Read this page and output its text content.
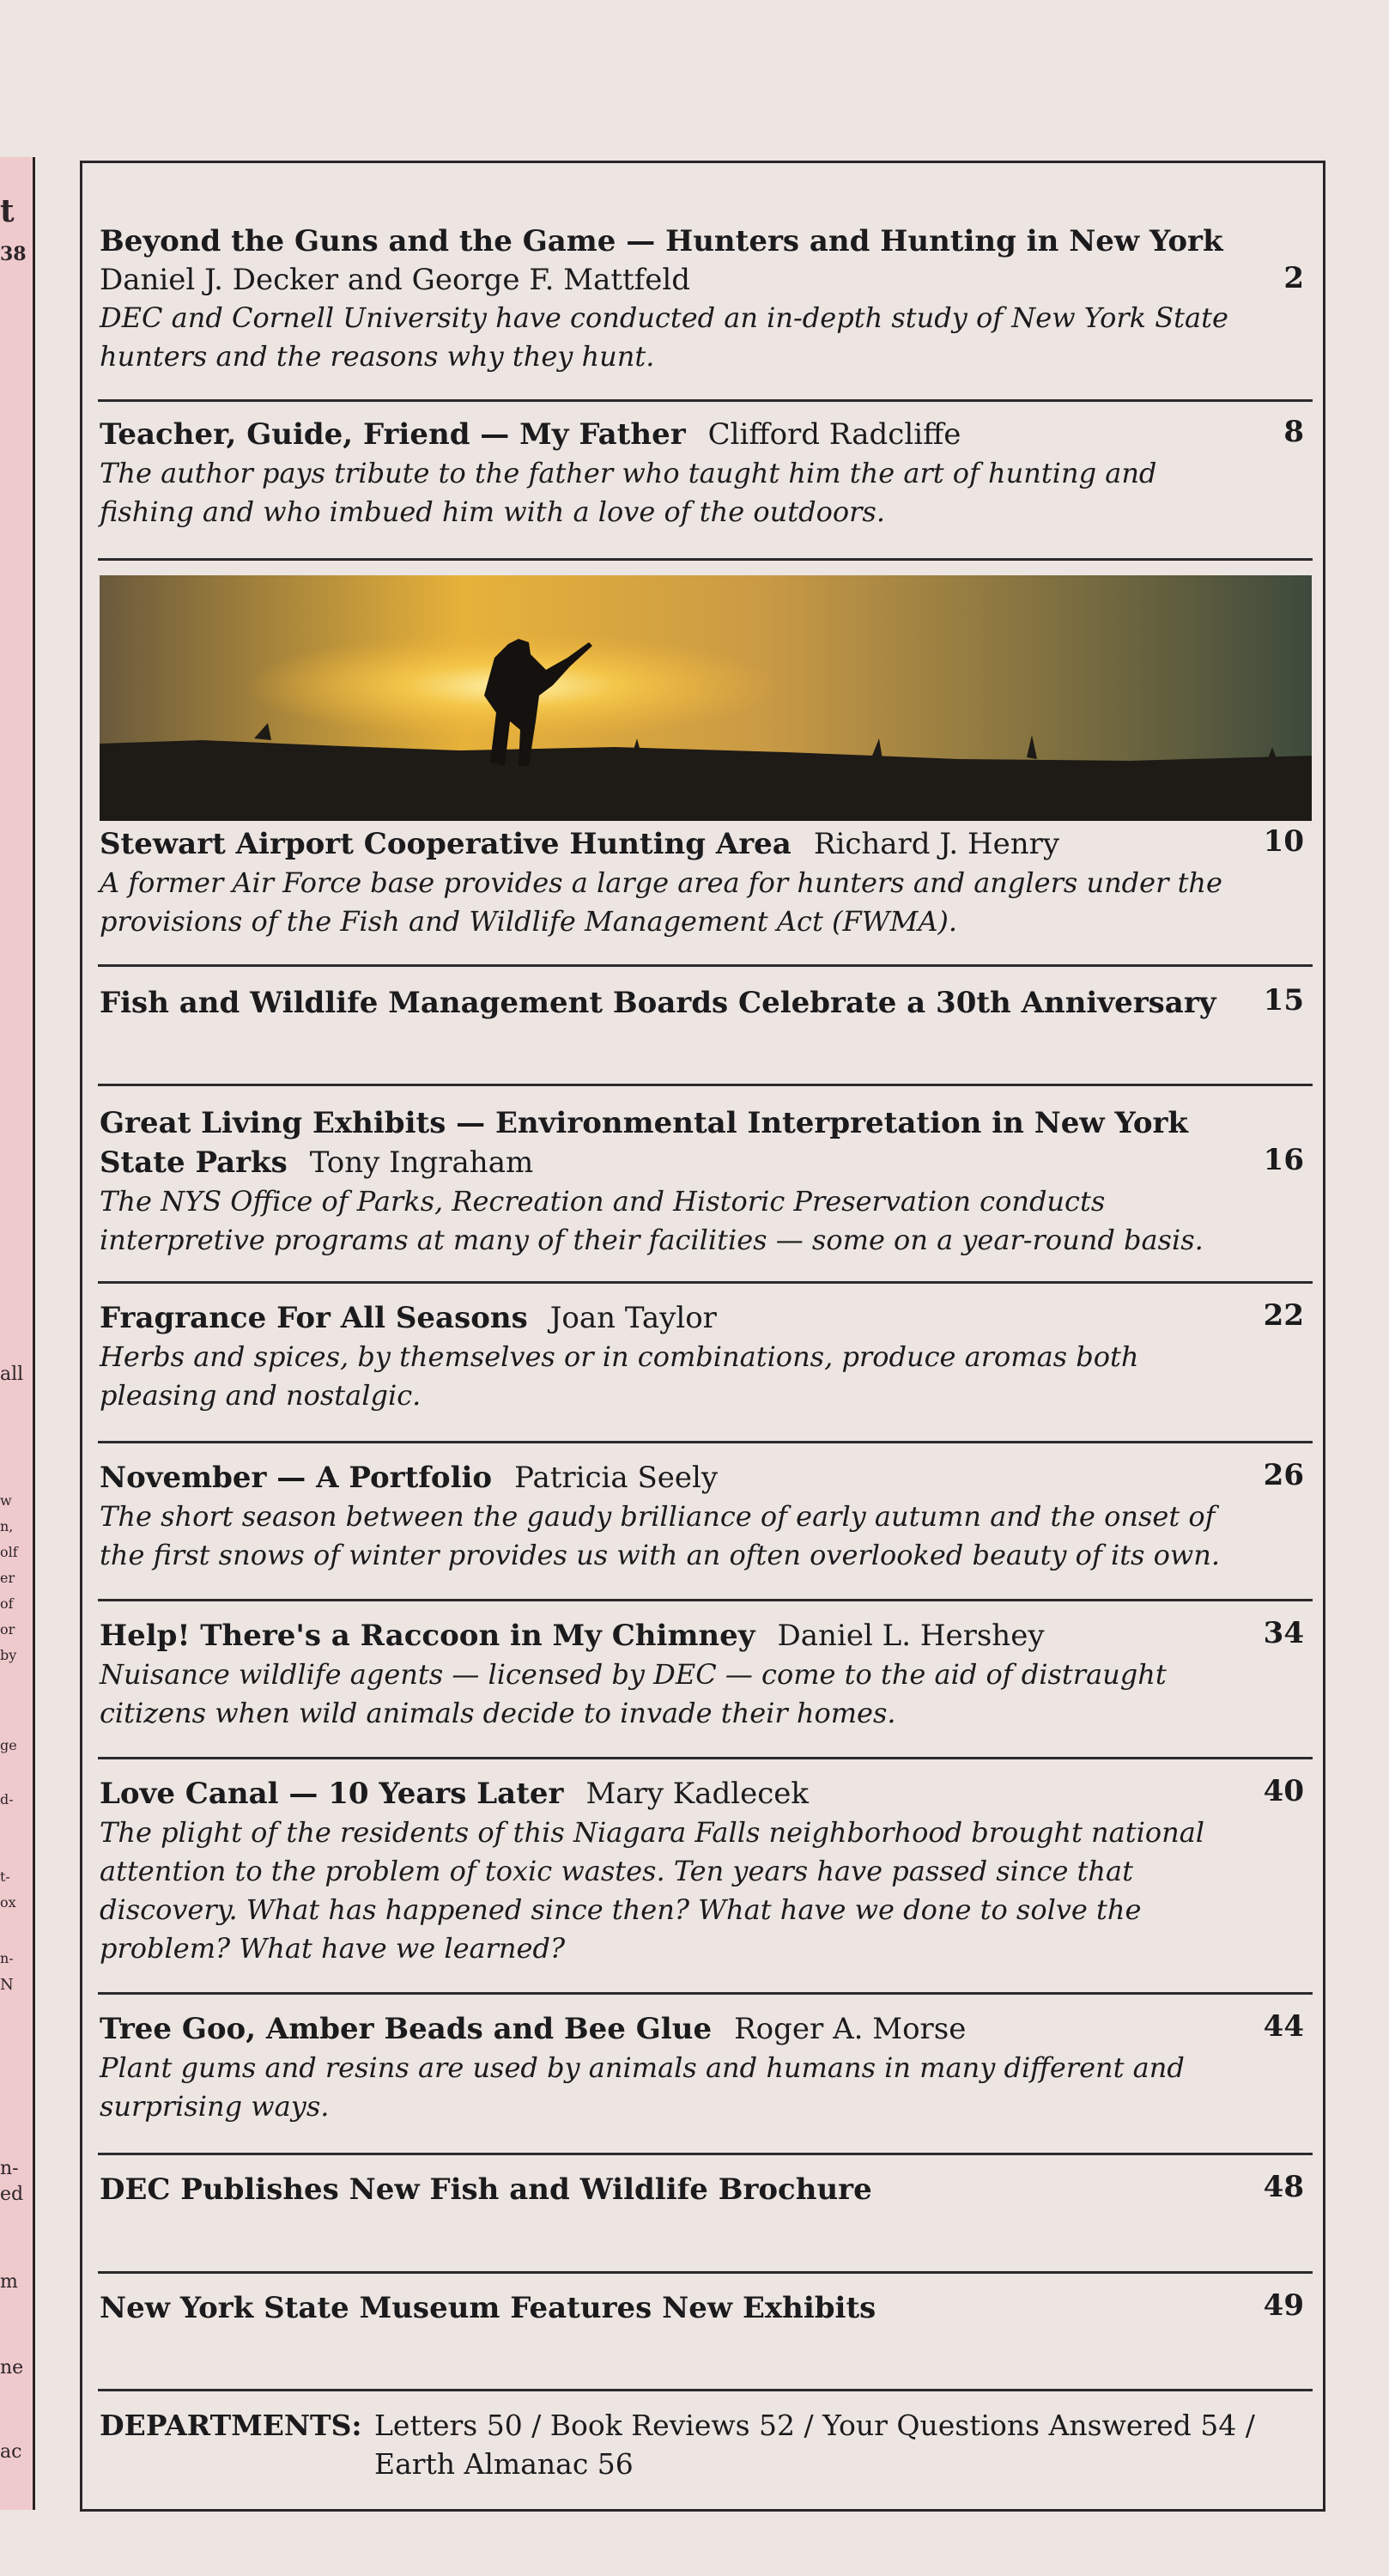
t
38
all
w
n,
olf
er
of
or
by
ge
d-
t-
ox
n-
N
n-
ed
m
ne
ac
Beyond the Guns and the Game — Hunters and Hunting in New York
Daniel J. Decker and George F. Mattfeld
DEC and Cornell University have conducted an in-depth study of New York State hunters and the reasons why they hunt.
2
Teacher, Guide, Friend — My Father Clifford Radcliffe
The author pays tribute to the father who taught him the art of hunting and fishing and who imbued him with a love of the outdoors.
8
Stewart Airport Cooperative Hunting Area Richard J. Henry
A former Air Force base provides a large area for hunters and anglers under the provisions of the Fish and Wildlife Management Act (FWMA).
10
Fish and Wildlife Management Boards Celebrate a 30th Anniversary	15
Great Living Exhibits — Environmental Interpretation in New York State Parks Tony Ingraham
The NYS Office of Parks, Recreation and Historic Preservation conducts interpretive programs at many of their facilities — some on a year-round basis.
16
Fragrance For All Seasons Joan Taylor
Herbs and spices, by themselves or in combinations, produce aromas both pleasing and nostalgic.
22
November — A Portfolio Patricia Seely
The short season between the gaudy brilliance of early autumn and the onset of the first snows of winter provides us with an often overlooked beauty of its own.
26
Help! There's a Raccoon in My Chimney Daniel L. Hershey
Nuisance wildlife agents — licensed by DEC — come to the aid of distraught citizens when wild animals decide to invade their homes.
34
Love Canal — 10 Years Later Mary Kadlecek
The plight of the residents of this Niagara Falls neighborhood brought national attention to the problem of toxic wastes. Ten years have passed since that discovery. What has happened since then? What have we done to solve the problem? What have we learned?
40
Tree Goo, Amber Beads and Bee Glue Roger A. Morse
Plant gums and resins are used by animals and humans in many different and surprising ways.
44
DEC Publishes New Fish and Wildlife Brochure	48
New York State Museum Features New Exhibits	49
DEPARTMENTS: Letters 50 / Book Reviews 52 / Your Questions Answered 54 /
Earth Almanac 56
